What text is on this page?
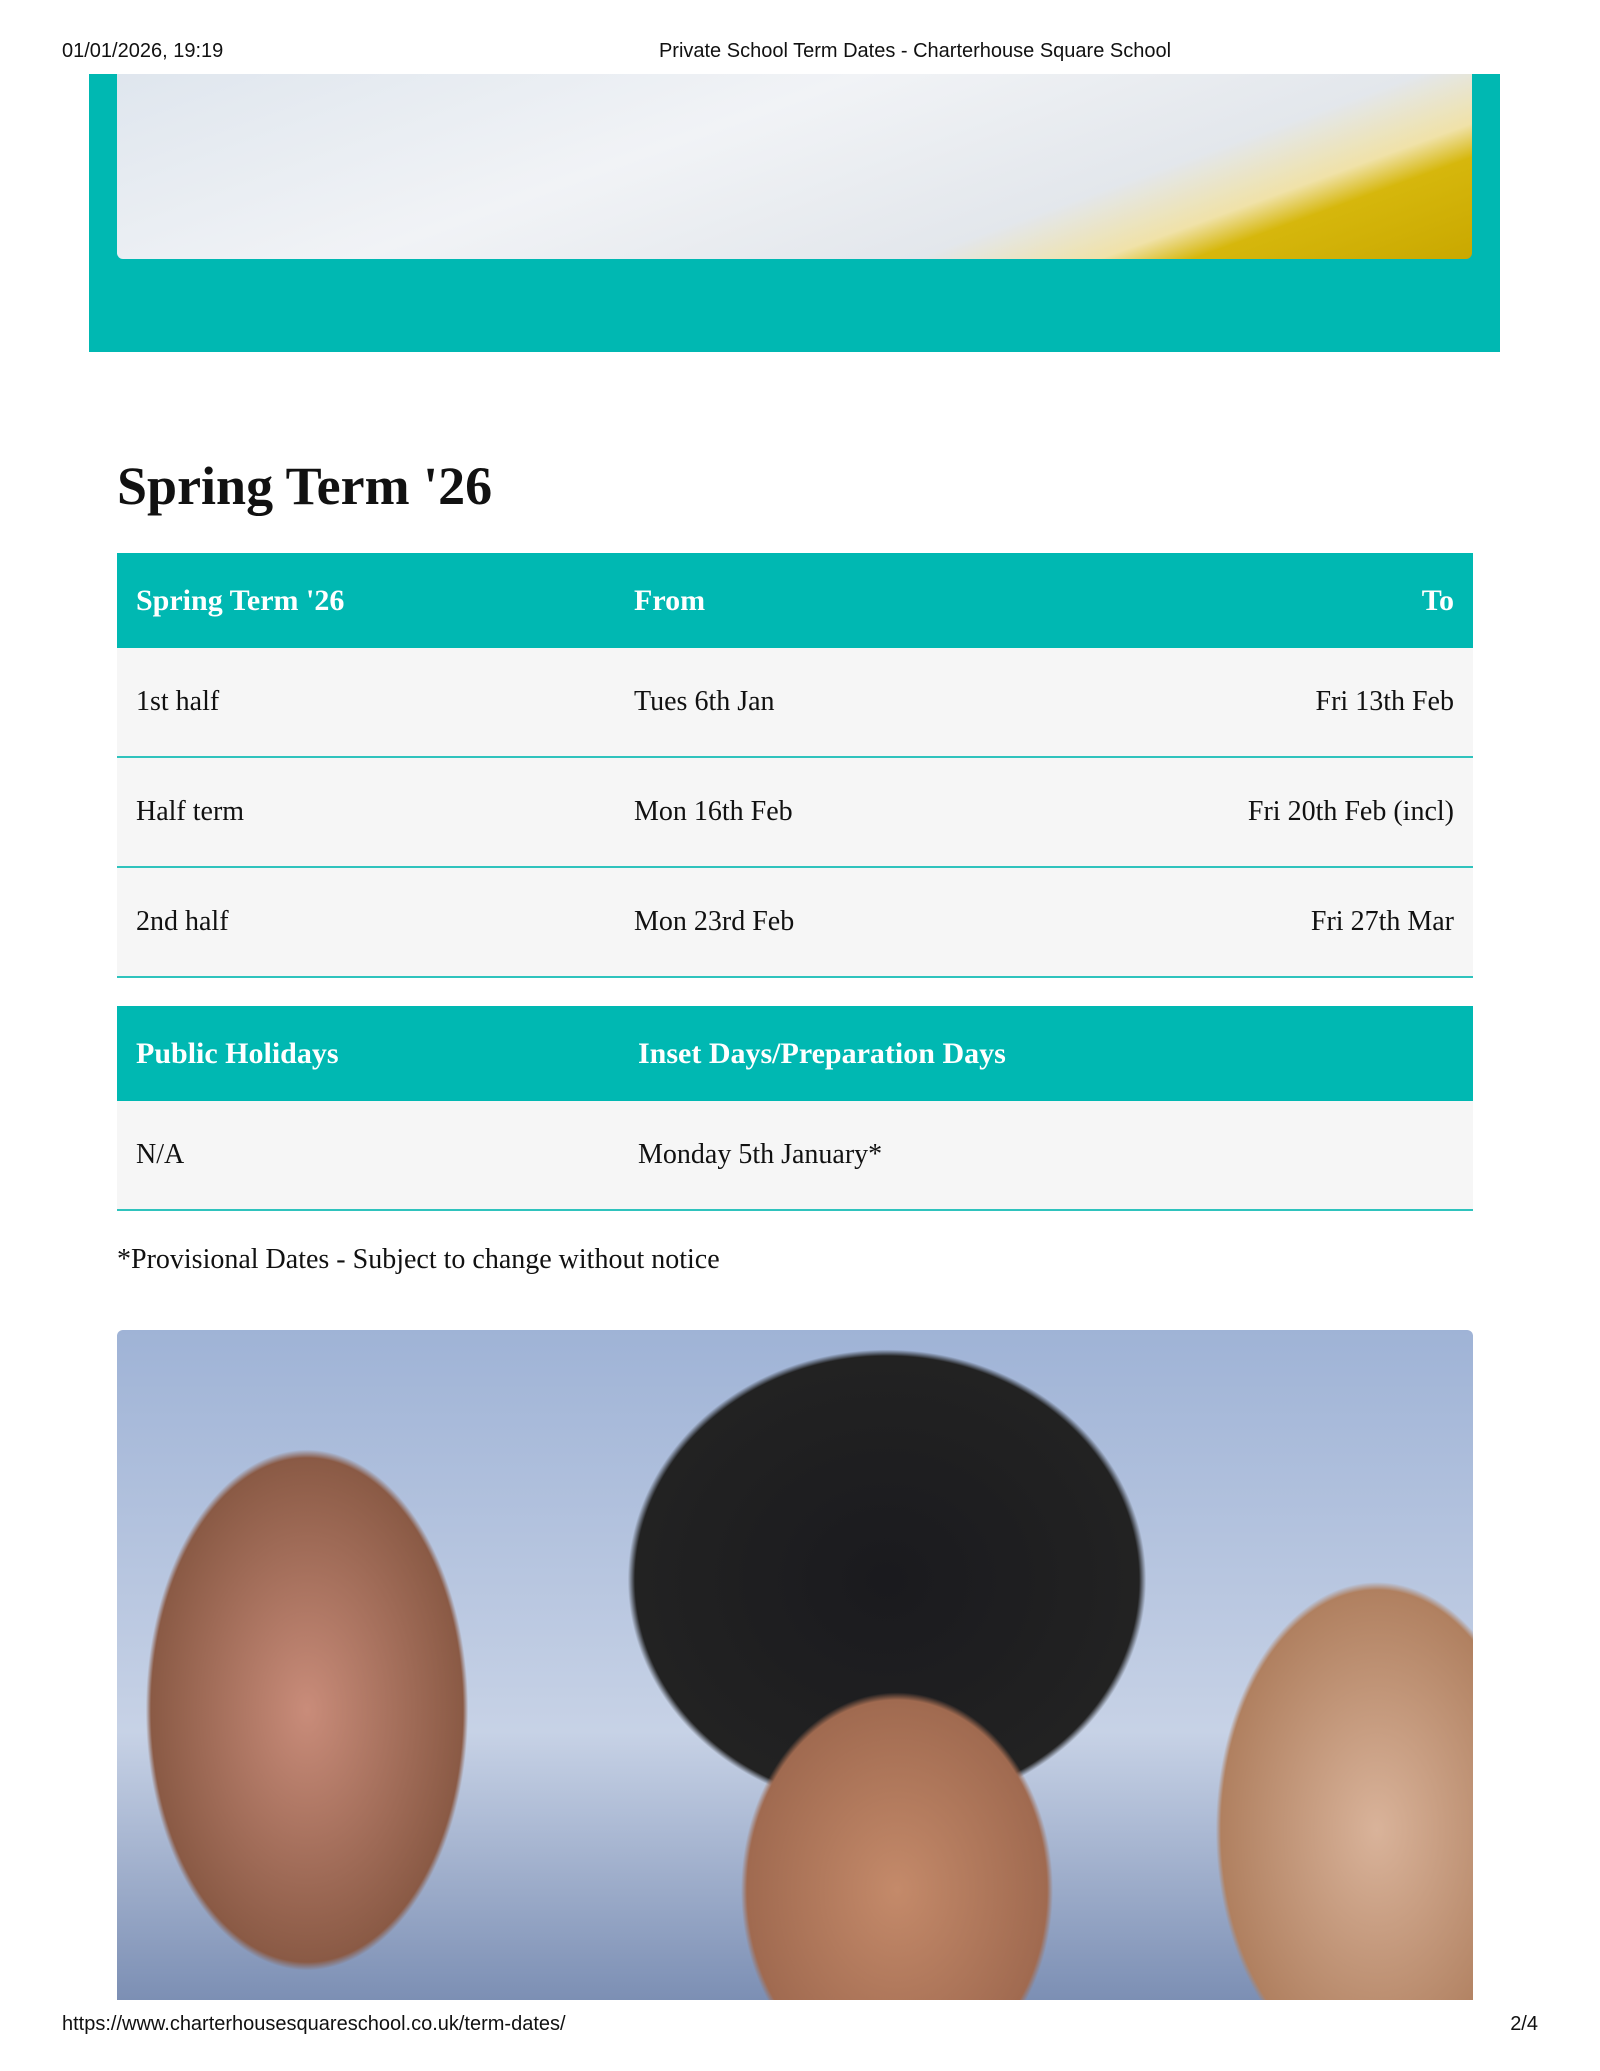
01/01/2026, 19:19	Private School Term Dates - Charterhouse Square School
Spring Term '26
Spring Term '26	From	To
1st half	Tues 6th Jan	Fri 13th Feb
Half term	Mon 16th Feb	Fri 20th Feb (incl)
2nd half	Mon 23rd Feb	Fri 27th Mar
Public Holidays	Inset Days/Preparation Days
N/A	Monday 5th January*
*Provisional Dates - Subject to change without notice
https://www.charterhousesquareschool.co.uk/term-dates/	2/4
